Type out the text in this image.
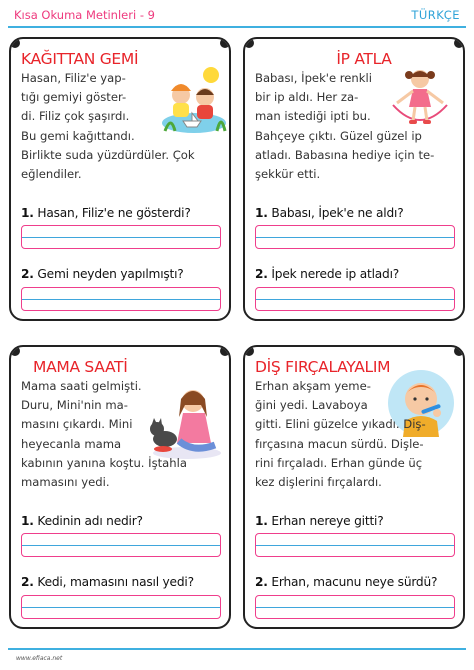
Kısa Okuma Metinleri - 9	TÜRKÇE
KAĞITTAN GEMİ
Hasan, Filiz'e yap-
tığı gemiyi göster-
di. Filiz çok şaşırdı.
Bu gemi kağıttandı.
Birlikte suda yüzdürdüler. Çok
eğlendiler.
1. Hasan, Filiz'e ne gösterdi?
2. Gemi neyden yapılmıştı?
İP ATLA
Babası, İpek'e renkli
bir ip aldı. Her za-
man istediği ipti bu.
Bahçeye çıktı. Güzel güzel ip
atladı. Babasına hediye için te-
şekkür etti.
1. Babası, İpek'e ne aldı?
2. İpek nerede ip atladı?
MAMA SAATİ
Mama saati gelmişti.
Duru, Mini'nin ma-
masını çıkardı. Mini
heyecanla mama
kabının yanına koştu. İştahla
mamasını yedi.
1. Kedinin adı nedir?
2. Kedi, mamasını nasıl yedi?
DİŞ FIRÇALAYALIM
Erhan akşam yeme-
ğini yedi. Lavaboya
gitti. Elini güzelce yıkadı. Diş-
fırçasına macun sürdü. Dişle-
rini fırçaladı. Erhan günde üç
kez dişlerini fırçalardı.
1. Erhan nereye gitti?
2. Erhan, macunu neye sürdü?
www.efiaca.net
